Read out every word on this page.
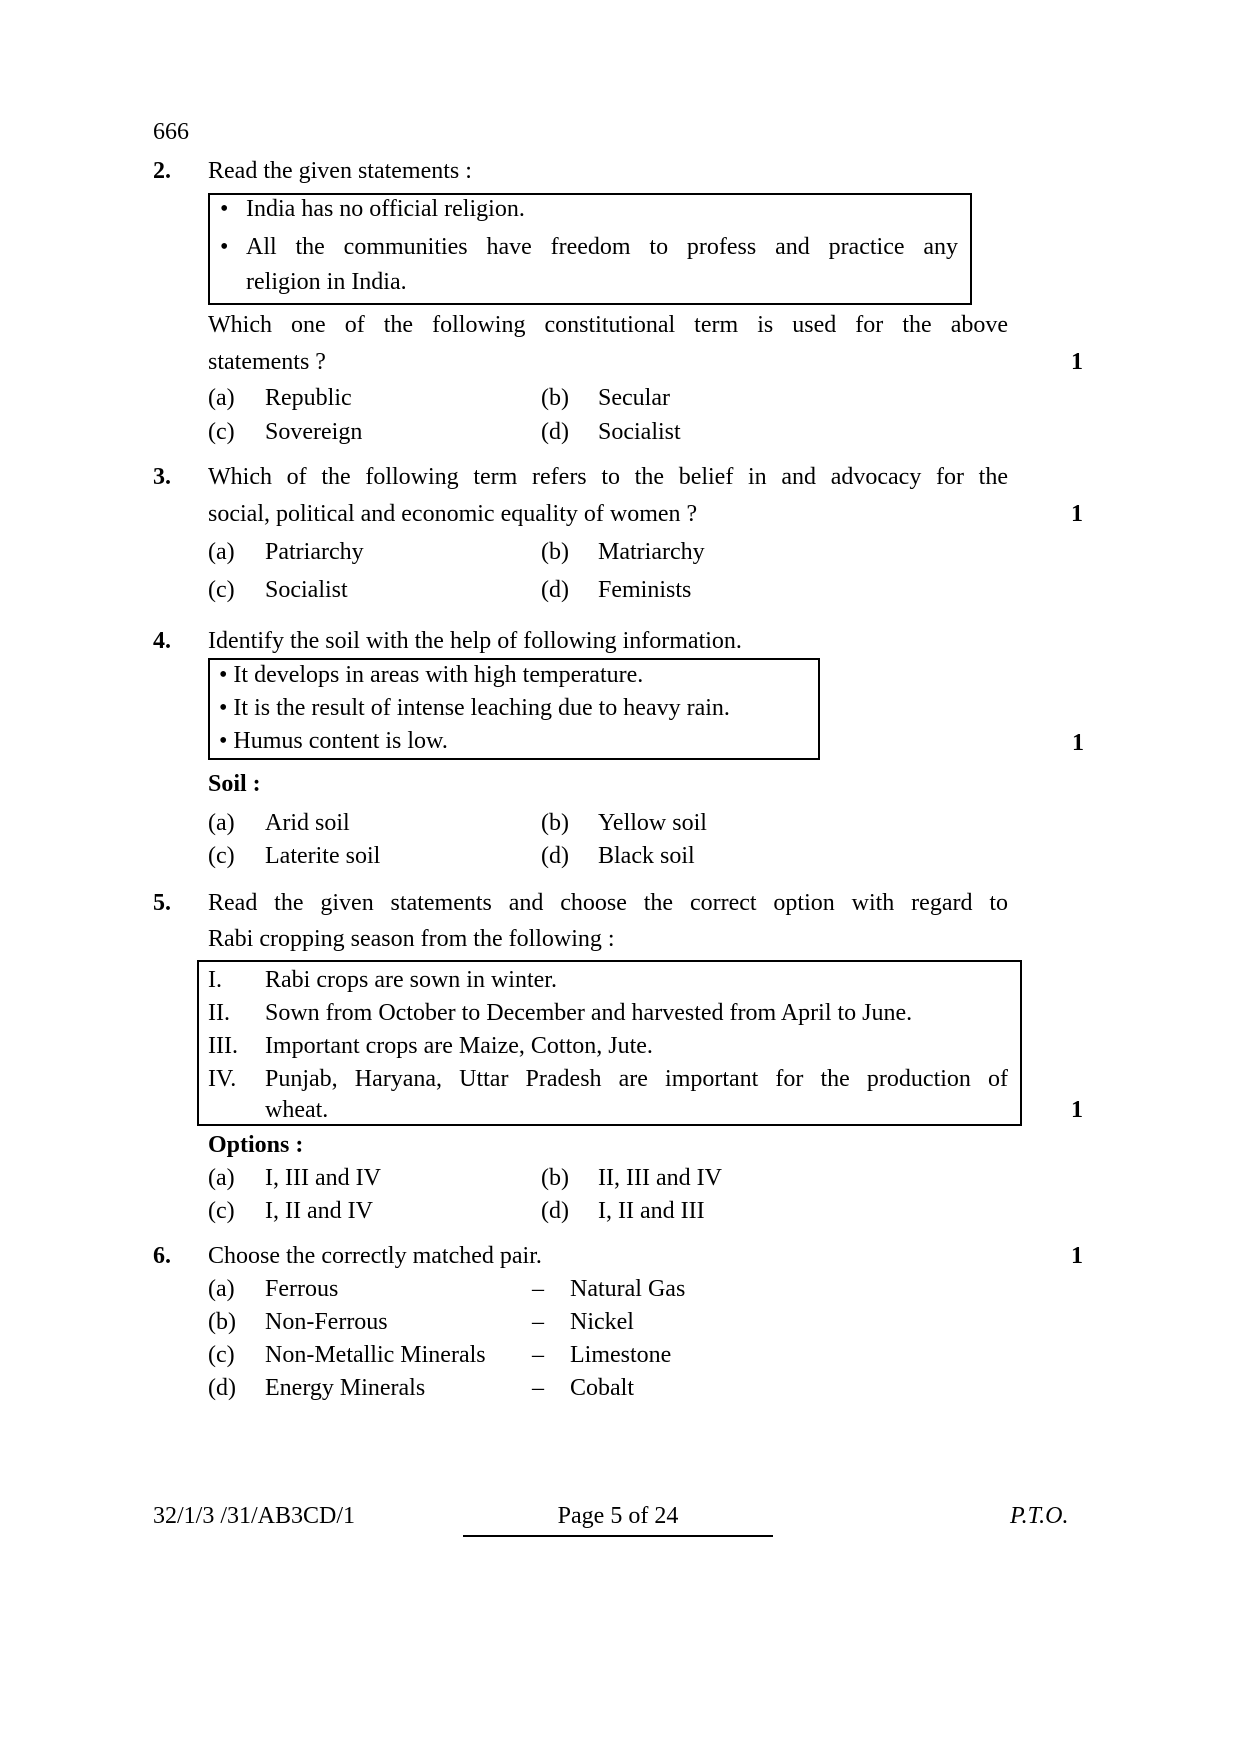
666
2. Read the given statements :
• India has no official religion.
• All the communities have freedom to profess and practice any
religion in India.
Which one of the following constitutional term is used for the above
statements ?	1
(a) Republic	(b) Secular
(c) Sovereign	(d) Socialist
3. Which of the following term refers to the belief in and advocacy for the
social, political and economic equality of women ?	1
(a) Patriarchy	(b) Matriarchy
(c) Socialist	(d) Feminists
4. Identify the soil with the help of following information.
• It develops in areas with high temperature.
• It is the result of intense leaching due to heavy rain.
• Humus content is low.	1
Soil :
(a) Arid soil	(b) Yellow soil
(c) Laterite soil	(d) Black soil
5. Read the given statements and choose the correct option with regard to
Rabi cropping season from the following :
I. Rabi crops are sown in winter.
II. Sown from October to December and harvested from April to June.
III. Important crops are Maize, Cotton, Jute.
IV. Punjab, Haryana, Uttar Pradesh are important for the production of
wheat.	1
Options :
(a) I, III and IV	(b) II, III and IV
(c) I, II and IV	(d) I, II and III
6. Choose the correctly matched pair.	1
(a) Ferrous	– Natural Gas
(b) Non-Ferrous	– Nickel
(c) Non-Metallic Minerals – Limestone
(d) Energy Minerals	– Cobalt
32/1/3 /31/AB3CD/1	Page 5 of 24	P.T.O.
